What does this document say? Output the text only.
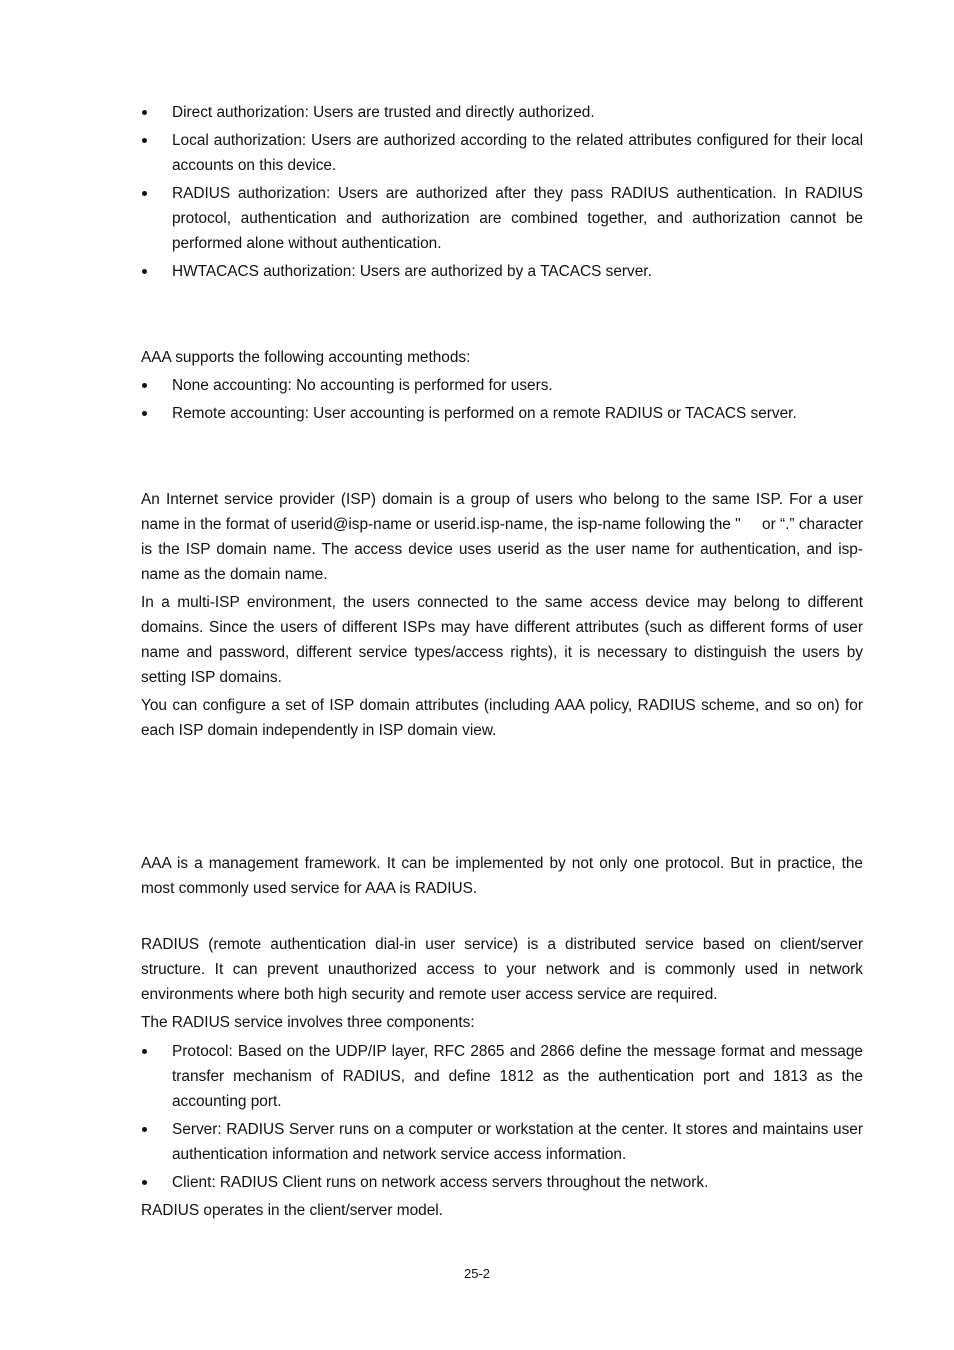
Direct authorization: Users are trusted and directly authorized.

Local authorization: Users are authorized according to the related attributes configured for their local accounts on this device.

RADIUS authorization: Users are authorized after they pass RADIUS authentication. In RADIUS protocol, authentication and authorization are combined together, and authorization cannot be performed alone without authentication.

HWTACACS authorization: Users are authorized by a TACACS server.

AAA supports the following accounting methods:

None accounting: No accounting is performed for users.

Remote accounting: User accounting is performed on a remote RADIUS or TACACS server.

An Internet service provider (ISP) domain is a group of users who belong to the same ISP. For a user name in the format of userid@isp-name or userid.isp-name, the isp-name following the "     or “.” character is the ISP domain name. The access device uses userid as the user name for authentication, and isp-name as the domain name.

In a multi-ISP environment, the users connected to the same access device may belong to different domains. Since the users of different ISPs may have different attributes (such as different forms of user name and password, different service types/access rights), it is necessary to distinguish the users by setting ISP domains.

You can configure a set of ISP domain attributes (including AAA policy, RADIUS scheme, and so on) for each ISP domain independently in ISP domain view.

AAA is a management framework. It can be implemented by not only one protocol. But in practice, the most commonly used service for AAA is RADIUS.

RADIUS (remote authentication dial-in user service) is a distributed service based on client/server structure. It can prevent unauthorized access to your network and is commonly used in network environments where both high security and remote user access service are required.

The RADIUS service involves three components:

Protocol: Based on the UDP/IP layer, RFC 2865 and 2866 define the message format and message transfer mechanism of RADIUS, and define 1812 as the authentication port and 1813 as the accounting port.

Server: RADIUS Server runs on a computer or workstation at the center. It stores and maintains user authentication information and network service access information.

Client: RADIUS Client runs on network access servers throughout the network.

RADIUS operates in the client/server model.

25-2
